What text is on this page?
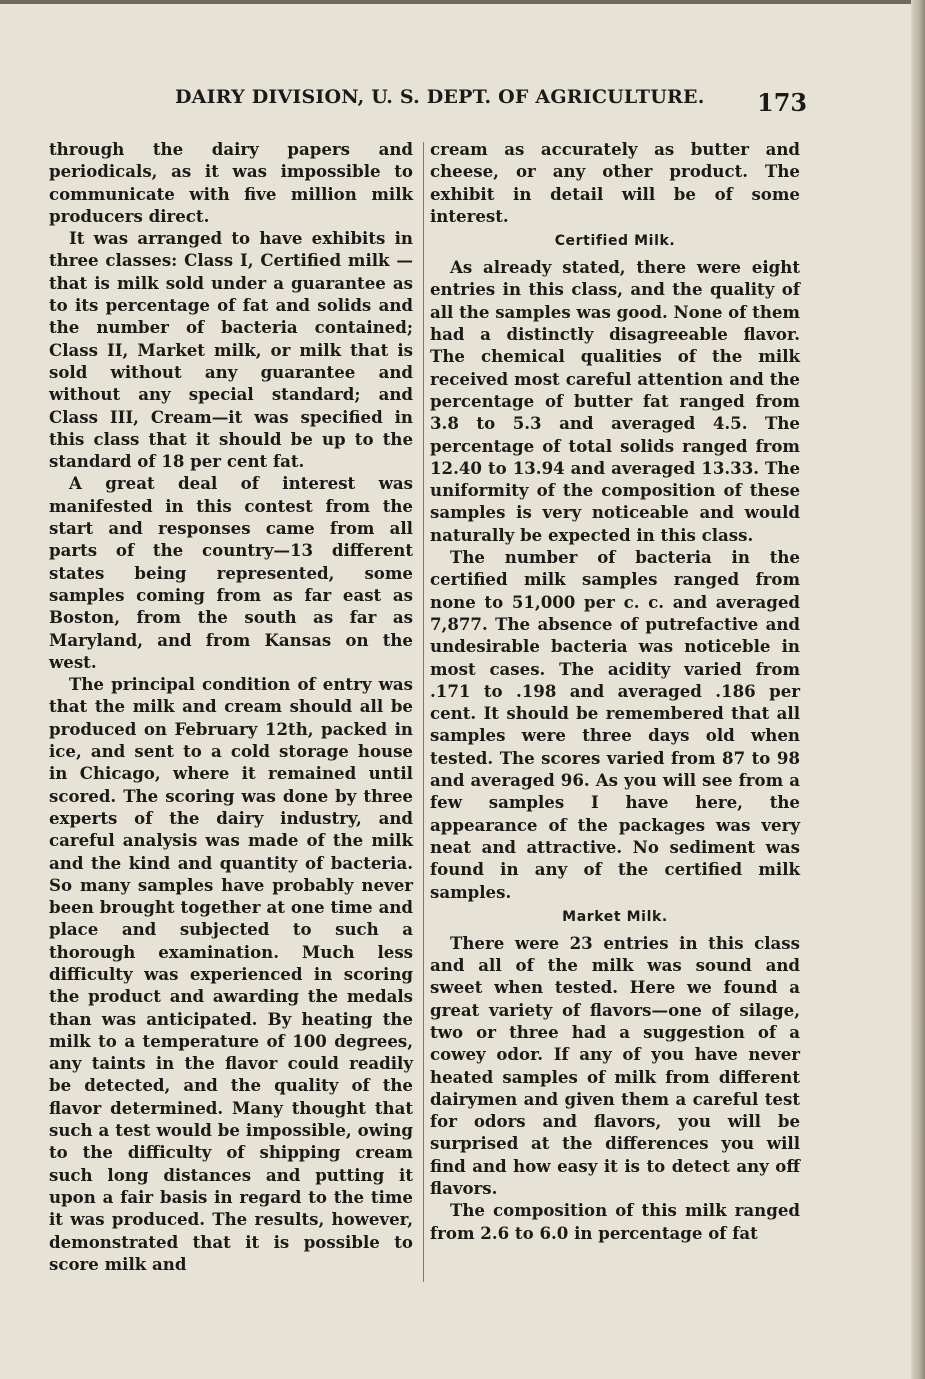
DAIRY DIVISION, U. S. DEPT. OF AGRICULTURE. 173

through the dairy papers and periodicals, as it was impossible to communicate with five million milk producers direct.

It was arranged to have exhibits in three classes: Class I, Certified milk —that is milk sold under a guarantee as to its percentage of fat and solids and the number of bacteria contained; Class II, Market milk, or milk that is sold without any guarantee and without any special standard; and Class III, Cream—it was specified in this class that it should be up to the standard of 18 per cent fat.

A great deal of interest was manifested in this contest from the start and responses came from all parts of the country—13 different states being represented, some samples coming from as far east as Boston, from the south as far as Maryland, and from Kansas on the west.

The principal condition of entry was that the milk and cream should all be produced on February 12th, packed in ice, and sent to a cold storage house in Chicago, where it remained until scored. The scoring was done by three experts of the dairy industry, and careful analysis was made of the milk and the kind and quantity of bacteria. So many samples have probably never been brought together at one time and place and subjected to such a thorough examination. Much less difficulty was experienced in scoring the product and awarding the medals than was anticipated. By heating the milk to a temperature of 100 degrees, any taints in the flavor could readily be detected, and the quality of the flavor determined. Many thought that such a test would be impossible, owing to the difficulty of shipping cream such long distances and putting it upon a fair basis in regard to the time it was produced. The results, however, demonstrated that it is possible to score milk and

cream as accurately as butter and cheese, or any other product. The exhibit in detail will be of some interest.

Certified Milk.

As already stated, there were eight entries in this class, and the quality of all the samples was good. None of them had a distinctly disagreeable flavor. The chemical qualities of the milk received most careful attention and the percentage of butter fat ranged from 3.8 to 5.3 and averaged 4.5. The percentage of total solids ranged from 12.40 to 13.94 and averaged 13.33. The uniformity of the composition of these samples is very noticeable and would naturally be expected in this class.

The number of bacteria in the certified milk samples ranged from none to 51,000 per c. c. and averaged 7,877. The absence of putrefactive and undesirable bacteria was noticeble in most cases. The acidity varied from .171 to .198 and averaged .186 per cent. It should be remembered that all samples were three days old when tested. The scores varied from 87 to 98 and averaged 96. As you will see from a few samples I have here, the appearance of the packages was very neat and attractive. No sediment was found in any of the certified milk samples.

Market Milk.

There were 23 entries in this class and all of the milk was sound and sweet when tested. Here we found a great variety of flavors—one of silage, two or three had a suggestion of a cowey odor. If any of you have never heated samples of milk from different dairymen and given them a careful test for odors and flavors, you will be surprised at the differences you will find and how easy it is to detect any off flavors.

The composition of this milk ranged from 2.6 to 6.0 in percentage of fat
